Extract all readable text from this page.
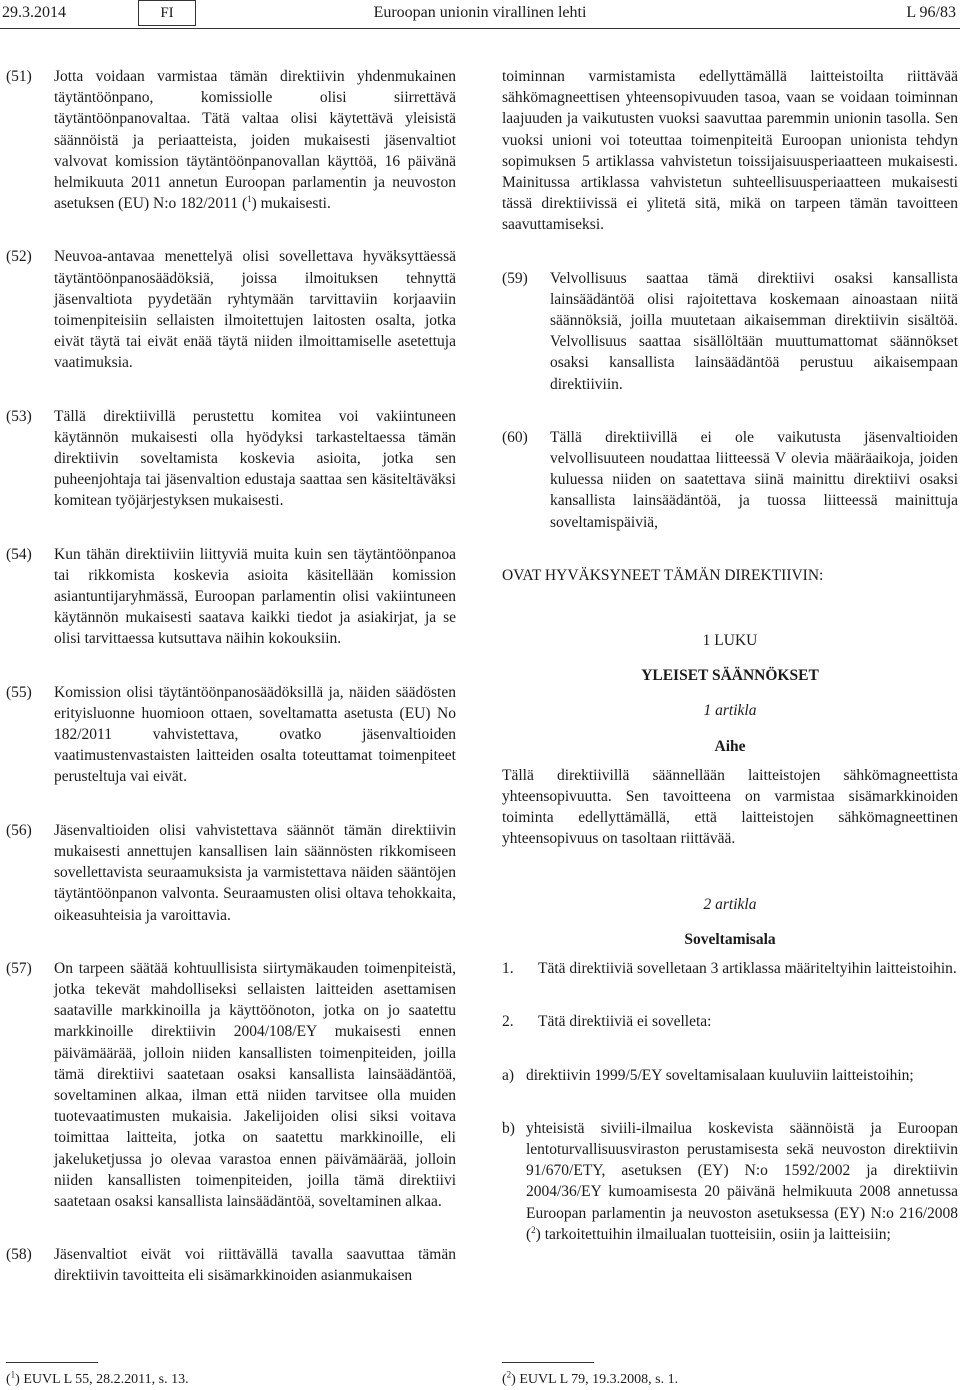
29.3.2014	FI	Euroopan unionin virallinen lehti	L 96/83
(51) Jotta voidaan varmistaa tämän direktiivin yhdenmukainen täytäntöönpano, komissiolle olisi siirrettävä täytäntöönpanovaltaa. Tätä valtaa olisi käytettävä yleisistä säännöistä ja periaatteista, joiden mukaisesti jäsenvaltiot valvovat komission täytäntöönpanovallan käyttöä, 16 päivänä helmikuuta 2011 annetun Euroopan parlamentin ja neuvoston asetuksen (EU) N:o 182/2011 ($^1$) mukaisesti.
(52) Neuvoa-antavaa menettelyä olisi sovellettava hyväksyttäessä täytäntöönpanosäädöksiä, joissa ilmoituksen tehnyttä jäsenvaltiota pyydetään ryhtymään tarvittaviin korjaaviin toimenpiteisiin sellaisten ilmoitettujen laitosten osalta, jotka eivät täytä tai eivät enää täytä niiden ilmoittamiselle asetettuja vaatimuksia.
(53) Tällä direktiivillä perustettu komitea voi vakiintuneen käytännön mukaisesti olla hyödyksi tarkasteltaessa tämän direktiivin soveltamista koskevia asioita, jotka sen puheenjohtaja tai jäsenvaltion edustaja saattaa sen käsiteltäväksi komitean työjärjestyksen mukaisesti.
(54) Kun tähän direktiiviin liittyviä muita kuin sen täytäntöönpanoa tai rikkomista koskevia asioita käsitellään komission asiantuntijaryhmässä, Euroopan parlamentin olisi vakiintuneen käytännön mukaisesti saatava kaikki tiedot ja asiakirjat, ja se olisi tarvittaessa kutsuttava näihin kokouksiin.
(55) Komission olisi täytäntöönpanosäädöksillä ja, näiden säädösten erityisluonne huomioon ottaen, soveltamatta asetusta (EU) No 182/2011 vahvistettava, ovatko jäsenvaltioiden vaatimustenvastaisten laitteiden osalta toteuttamat toimenpiteet perusteltuja vai eivät.
(56) Jäsenvaltioiden olisi vahvistettava säännöt tämän direktiivin mukaisesti annettujen kansallisen lain säännösten rikkomiseen sovellettavista seuraamuksista ja varmistettava näiden sääntöjen täytäntöönpanon valvonta. Seuraamusten olisi oltava tehokkaita, oikeasuhteisia ja varoittavia.
(57) On tarpeen säätää kohtuullisista siirtymäkauden toimenpiteistä, jotka tekevät mahdolliseksi sellaisten laitteiden asettamisen saataville markkinoilla ja käyttöönoton, jotka on jo saatettu markkinoille direktiivin 2004/108/EY mukaisesti ennen päivämäärää, jolloin niiden kansallisten toimenpiteiden, joilla tämä direktiivi saatetaan osaksi kansallista lainsäädäntöä, soveltaminen alkaa, ilman että niiden tarvitsee olla muiden tuotevaatimusten mukaisia. Jakelijoiden olisi siksi voitava toimittaa laitteita, jotka on saatettu markkinoille, eli jakeluketjussa jo olevaa varastoa ennen päivämäärää, jolloin niiden kansallisten toimenpiteiden, joilla tämä direktiivi saatetaan osaksi kansallista lainsäädäntöä, soveltaminen alkaa.
(58) Jäsenvaltiot eivät voi riittävällä tavalla saavuttaa tämän direktiivin tavoitteita eli sisämarkkinoiden asianmukaisen
toiminnan varmistamista edellyttämällä laitteistoilta riittävää sähkömagneettisen yhteensopivuuden tasoa, vaan se voidaan toiminnan laajuuden ja vaikutusten vuoksi saavuttaa paremmin unionin tasolla. Sen vuoksi unioni voi toteuttaa toimenpiteitä Euroopan unionista tehdyn sopimuksen 5 artiklassa vahvistetun toissijaisuusperiaatteen mukaisesti. Mainitussa artiklassa vahvistetun suhteellisuusperiaatteen mukaisesti tässä direktiivissä ei ylitetä sitä, mikä on tarpeen tämän tavoitteen saavuttamiseksi.
(59) Velvollisuus saattaa tämä direktiivi osaksi kansallista lainsäädäntöä olisi rajoitettava koskemaan ainoastaan niitä säännöksiä, joilla muutetaan aikaisemman direktiivin sisältöä. Velvollisuus saattaa sisällöltään muuttumattomat säännökset osaksi kansallista lainsäädäntöä perustuu aikaisempaan direktiiviin.
(60) Tällä direktiivillä ei ole vaikutusta jäsenvaltioiden velvollisuuteen noudattaa liitteessä V olevia määräaikoja, joiden kuluessa niiden on saatettava siinä mainittu direktiivi osaksi kansallista lainsäädäntöä, ja tuossa liitteessä mainittuja soveltamispäiviä,
OVAT HYVÄKSYNEET TÄMÄN DIREKTIIVIN:
1 LUKU
YLEISET SÄÄNNÖKSET
1 artikla
Aihe
Tällä direktiivillä säännellään laitteistojen sähkömagneettista yhteensopivuutta. Sen tavoitteena on varmistaa sisämarkkinoiden toiminta edellyttämällä, että laitteistojen sähkömagneettinen yhteensopivuus on tasoltaan riittävää.
2 artikla
Soveltamisala
1. Tätä direktiiviä sovelletaan 3 artiklassa määriteltyihin laitteistoihin.
2. Tätä direktiiviä ei sovelleta:
a) direktiivin 1999/5/EY soveltamisalaan kuuluviin laitteistoihin;
b) yhteisistä siviili-ilmailua koskevista säännöistä ja Euroopan lentoturvallisuusviraston perustamisesta sekä neuvoston direktiivin 91/670/ETY, asetuksen (EY) N:o 1592/2002 ja direktiivin 2004/36/EY kumoamisesta 20 päivänä helmikuuta 2008 annetussa Euroopan parlamentin ja neuvoston asetuksessa (EY) N:o 216/2008 ($^2$) tarkoitettuihin ilmailualan tuotteisiin, osiin ja laitteisiin;
($^1$) EUVL L 55, 28.2.2011, s. 13.	($^2$) EUVL L 79, 19.3.2008, s. 1.
